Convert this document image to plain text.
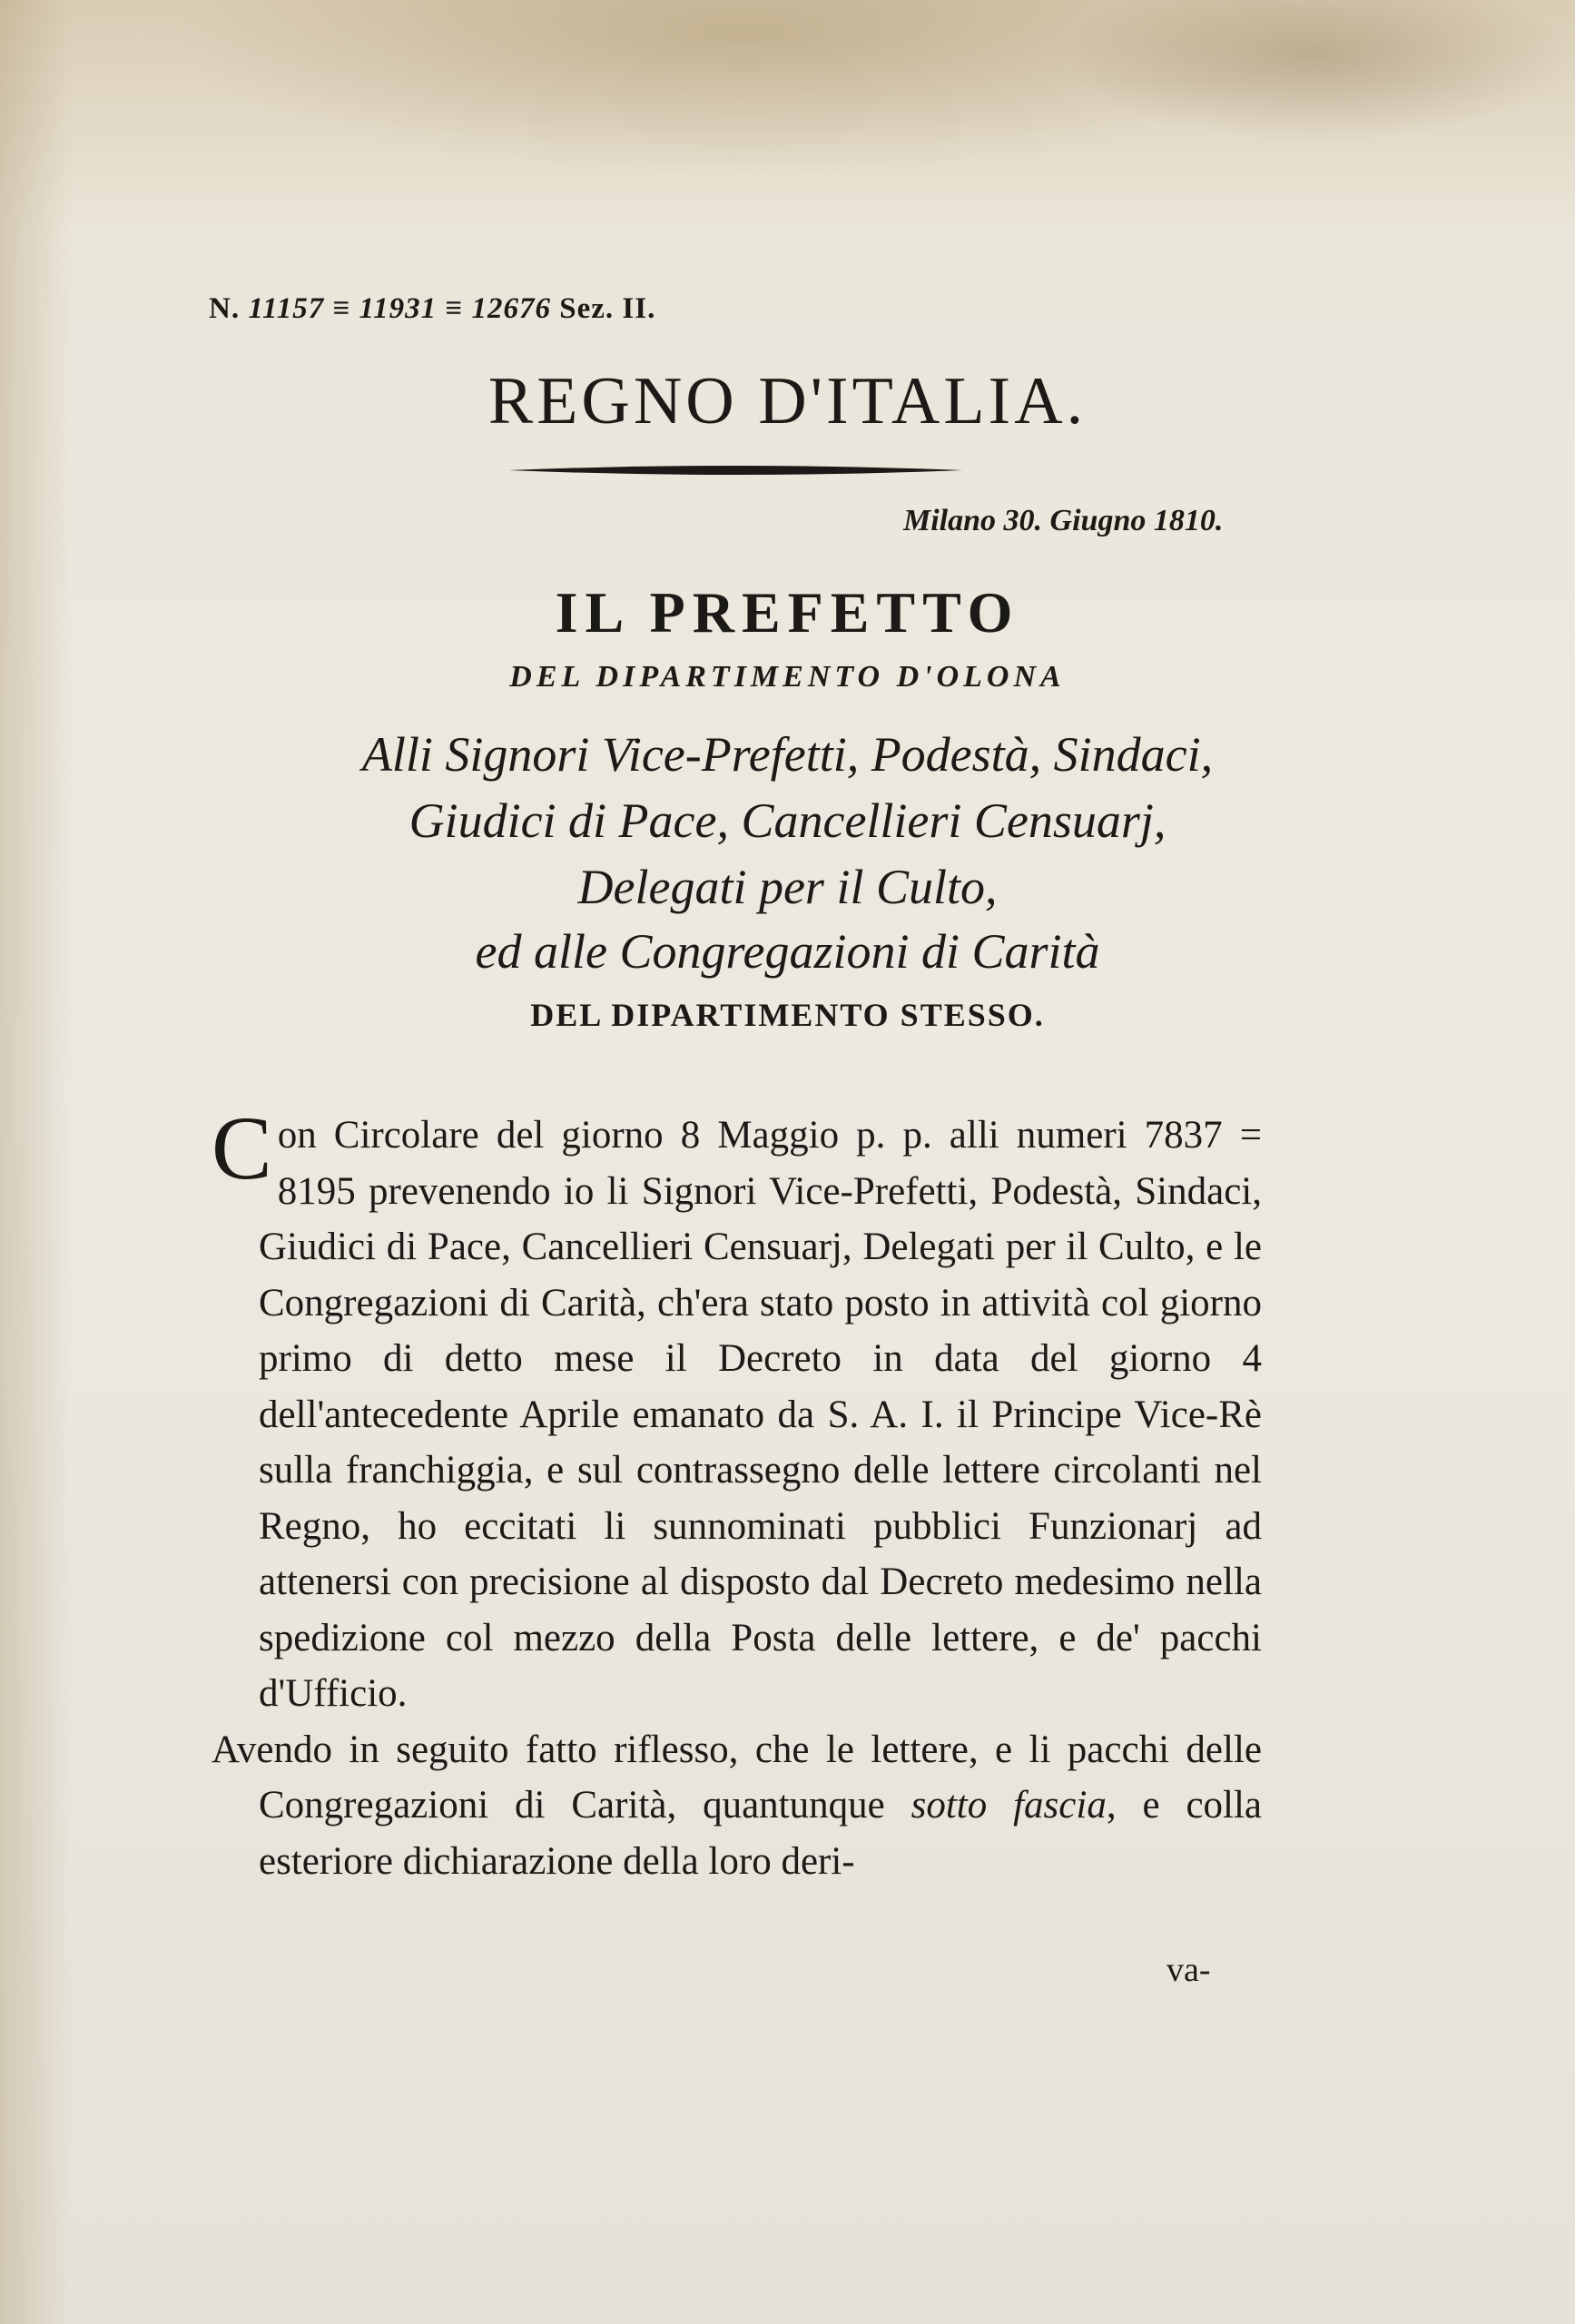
N. 11157 ≡ 11931 ≡ 12676 Sez. II.
REGNO D'ITALIA.
Milano 30. Giugno 1810.
IL PREFETTO
DEL DIPARTIMENTO D'OLONA
Alli Signori Vice-Prefetti, Podestà, Sindaci,
Giudici di Pace, Cancellieri Censuarj,
Delegati per il Culto,
ed alle Congregazioni di Carità
DEL DIPARTIMENTO STESSO.

Con Circolare del giorno 8 Maggio p. p. alli numeri 7837 = 8195 prevenendo io li Signori Vice-Prefetti, Podestà, Sindaci, Giudici di Pace, Cancellieri Censuarj, Delegati per il Culto, e le Congregazioni di Carità, ch'era stato posto in attività col giorno primo di detto mese il Decreto in data del giorno 4 dell'antecedente Aprile emanato da S. A. I. il Principe Vice-Rè sulla franchiggia, e sul contrassegno delle lettere circolanti nel Regno, ho eccitati li sunnominati pubblici Funzionarj ad attenersi con precisione al disposto dal Decreto medesimo nella spedizione col mezzo della Posta delle lettere, e de' pacchi d'Ufficio.

Avendo in seguito fatto riflesso, che le lettere, e li pacchi delle Congregazioni di Carità, quantunque sotto fascia, e colla esteriore dichiarazione della loro deri-

va-
